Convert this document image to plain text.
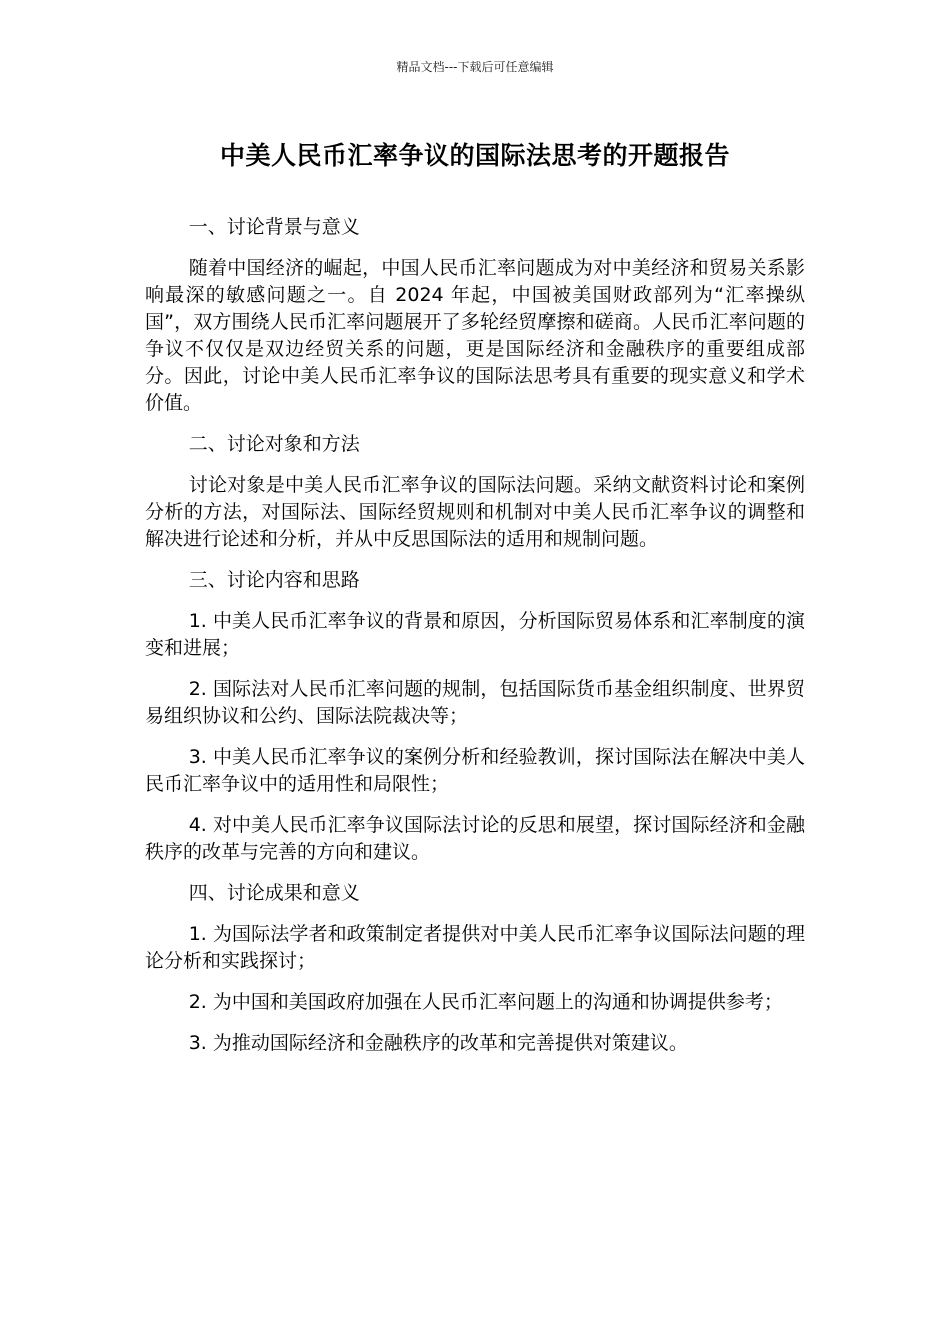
精品文档---下载后可任意编辑
中美人民币汇率争议的国际法思考的开题报告

一、讨论背景与意义

随着中国经济的崛起，中国人民币汇率问题成为对中美经济和贸易关系影响最深的敏感问题之一。自 2024 年起，中国被美国财政部列为“汇率操纵国”，双方围绕人民币汇率问题展开了多轮经贸摩擦和磋商。人民币汇率问题的争议不仅仅是双边经贸关系的问题，更是国际经济和金融秩序的重要组成部分。因此，讨论中美人民币汇率争议的国际法思考具有重要的现实意义和学术价值。

二、讨论对象和方法

讨论对象是中美人民币汇率争议的国际法问题。采纳文献资料讨论和案例分析的方法，对国际法、国际经贸规则和机制对中美人民币汇率争议的调整和解决进行论述和分析，并从中反思国际法的适用和规制问题。

三、讨论内容和思路

1. 中美人民币汇率争议的背景和原因，分析国际贸易体系和汇率制度的演变和进展；

2. 国际法对人民币汇率问题的规制，包括国际货币基金组织制度、世界贸易组织协议和公约、国际法院裁决等；

3. 中美人民币汇率争议的案例分析和经验教训，探讨国际法在解决中美人民币汇率争议中的适用性和局限性；

4. 对中美人民币汇率争议国际法讨论的反思和展望，探讨国际经济和金融秩序的改革与完善的方向和建议。

四、讨论成果和意义

1. 为国际法学者和政策制定者提供对中美人民币汇率争议国际法问题的理论分析和实践探讨；

2. 为中国和美国政府加强在人民币汇率问题上的沟通和协调提供参考；

3. 为推动国际经济和金融秩序的改革和完善提供对策建议。
